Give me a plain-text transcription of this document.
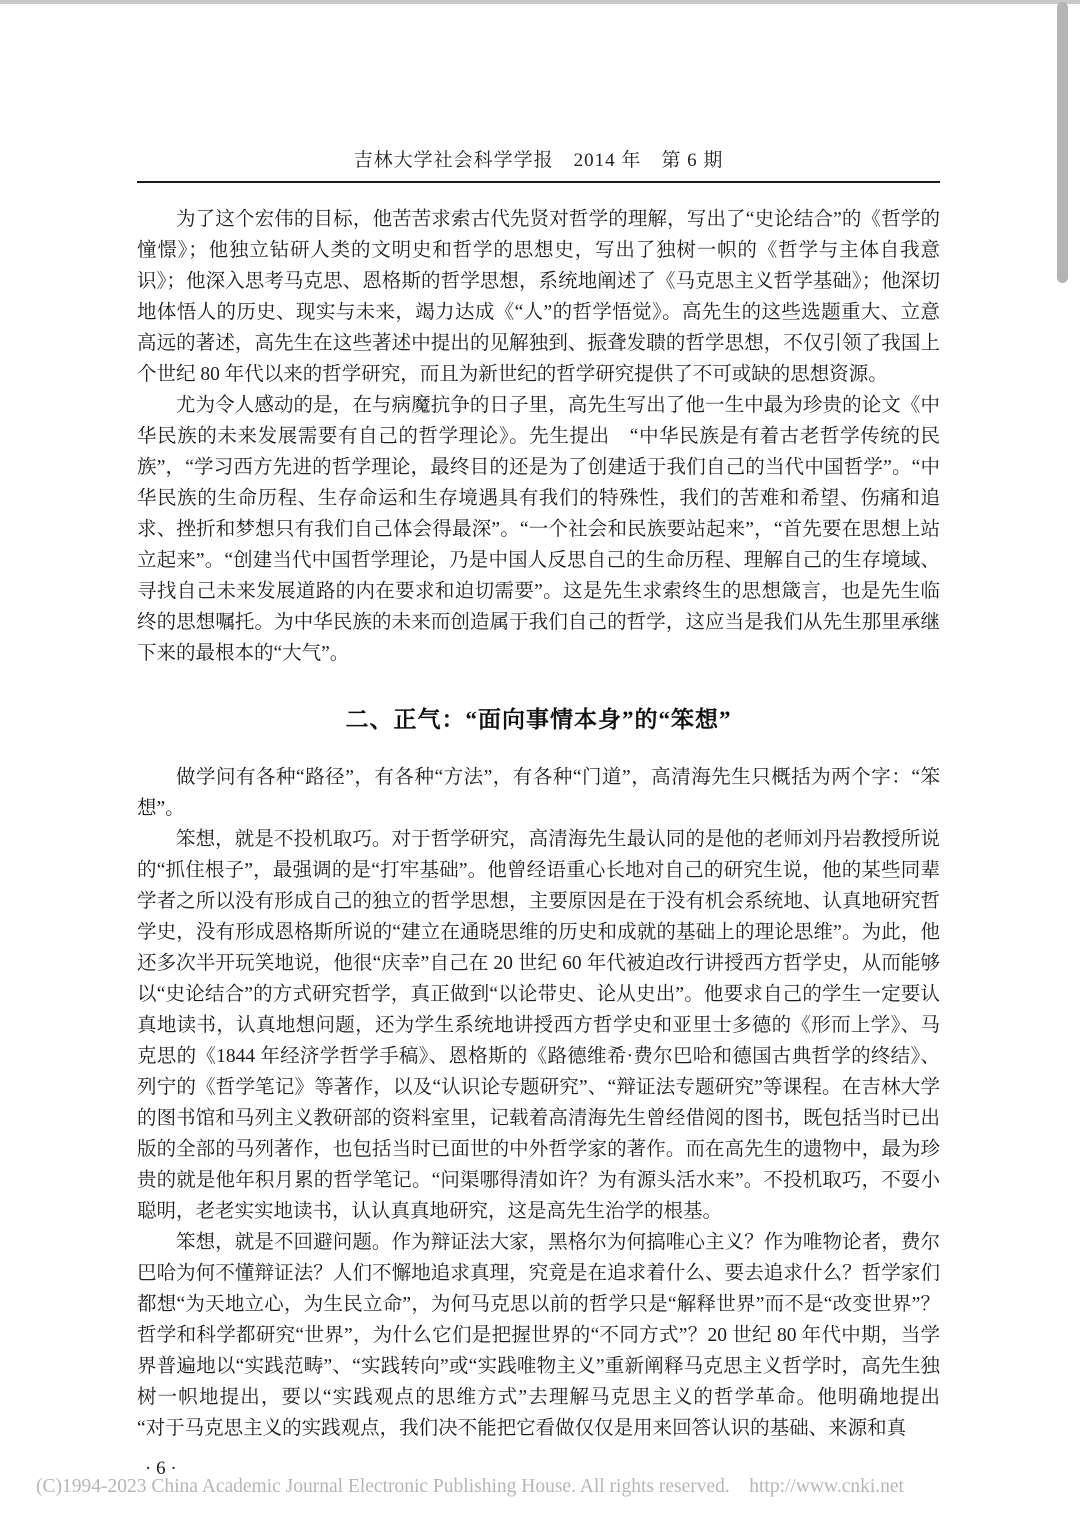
吉林大学社会科学学报　2014 年　第 6 期

为了这个宏伟的目标，他苦苦求索古代先贤对哲学的理解，写出了“史论结合”的《哲学的憧憬》；他独立钻研人类的文明史和哲学的思想史，写出了独树一帜的《哲学与主体自我意识》；他深入思考马克思、恩格斯的哲学思想，系统地阐述了《马克思主义哲学基础》；他深切地体悟人的历史、现实与未来，竭力达成《“人”的哲学悟觉》。高先生的这些选题重大、立意高远的著述，高先生在这些著述中提出的见解独到、振聋发聩的哲学思想，不仅引领了我国上个世纪 80 年代以来的哲学研究，而且为新世纪的哲学研究提供了不可或缺的思想资源。

尤为令人感动的是，在与病魔抗争的日子里，高先生写出了他一生中最为珍贵的论文《中华民族的未来发展需要有自己的哲学理论》。先生提出　“中华民族是有着古老哲学传统的民族”，“学习西方先进的哲学理论，最终目的还是为了创建适于我们自己的当代中国哲学”。“中华民族的生命历程、生存命运和生存境遇具有我们的特殊性，我们的苦难和希望、伤痛和追求、挫折和梦想只有我们自己体会得最深”。“一个社会和民族要站起来”，“首先要在思想上站立起来”。“创建当代中国哲学理论，乃是中国人反思自己的生命历程、理解自己的生存境域、寻找自己未来发展道路的内在要求和迫切需要”。这是先生求索终生的思想箴言，也是先生临终的思想嘱托。为中华民族的未来而创造属于我们自己的哲学，这应当是我们从先生那里承继下来的最根本的“大气”。

二、正气：“面向事情本身”的“笨想”

做学问有各种“路径”，有各种“方法”，有各种“门道”，高清海先生只概括为两个字：“笨想”。

笨想，就是不投机取巧。对于哲学研究，高清海先生最认同的是他的老师刘丹岩教授所说的“抓住根子”，最强调的是“打牢基础”。他曾经语重心长地对自己的研究生说，他的某些同辈学者之所以没有形成自己的独立的哲学思想，主要原因是在于没有机会系统地、认真地研究哲学史，没有形成恩格斯所说的“建立在通晓思维的历史和成就的基础上的理论思维”。为此，他还多次半开玩笑地说，他很“庆幸”自己在 20 世纪 60 年代被迫改行讲授西方哲学史，从而能够以“史论结合”的方式研究哲学，真正做到“以论带史、论从史出”。他要求自己的学生一定要认真地读书，认真地想问题，还为学生系统地讲授西方哲学史和亚里士多德的《形而上学》、马克思的《1844 年经济学哲学手稿》、恩格斯的《路德维希·费尔巴哈和德国古典哲学的终结》、列宁的《哲学笔记》等著作，以及“认识论专题研究”、“辩证法专题研究”等课程。在吉林大学的图书馆和马列主义教研部的资料室里，记载着高清海先生曾经借阅的图书，既包括当时已出版的全部的马列著作，也包括当时已面世的中外哲学家的著作。而在高先生的遗物中，最为珍贵的就是他年积月累的哲学笔记。“问渠哪得清如许？为有源头活水来”。不投机取巧，不耍小聪明，老老实实地读书，认认真真地研究，这是高先生治学的根基。

笨想，就是不回避问题。作为辩证法大家，黑格尔为何搞唯心主义？作为唯物论者，费尔巴哈为何不懂辩证法？人们不懈地追求真理，究竟是在追求着什么、要去追求什么？哲学家们都想“为天地立心，为生民立命”，为何马克思以前的哲学只是“解释世界”而不是“改变世界”？哲学和科学都研究“世界”，为什么它们是把握世界的“不同方式”？20 世纪 80 年代中期，当学界普遍地以“实践范畴”、“实践转向”或“实践唯物主义”重新阐释马克思主义哲学时，高先生独树一帜地提出，要以“实践观点的思维方式”去理解马克思主义的哲学革命。他明确地提出　“对于马克思主义的实践观点，我们决不能把它看做仅仅是用来回答认识的基础、来源和真

· 6 ·
(C)1994-2023 China Academic Journal Electronic Publishing House. All rights reserved.    http://www.cnki.net
